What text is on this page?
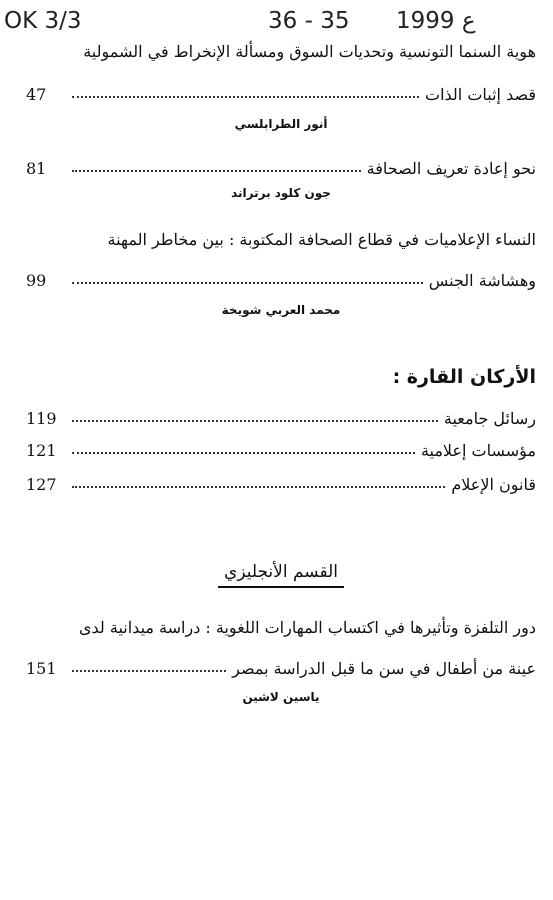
OK 3/3	36 - 35 ع 1999
هوية السنما التونسية وتحديات السوق ومسألة الإنخراط في الشمولية
47	قصد إثبات الذات
أنور الطرابلسي
81	نحو إعادة تعريف الصحافة
جون كلود برتراند
النساء الإعلاميات في قطاع الصحافة المكتوبة : بين مخاطر المهنة
99	وهشاشة الجنس
محمد العربي شويخة
الأركان القارة :
119	رسائل جامعية
121	مؤسسات إعلامية
127	قانون الإعلام
القسم الأنجليزي
دور التلفزة وتأثيرها في اكتساب المهارات اللغوية : دراسة ميدانية لدى
151	عينة من أطفال في سن ما قبل الدراسة بمصر
ياسين لاشين
